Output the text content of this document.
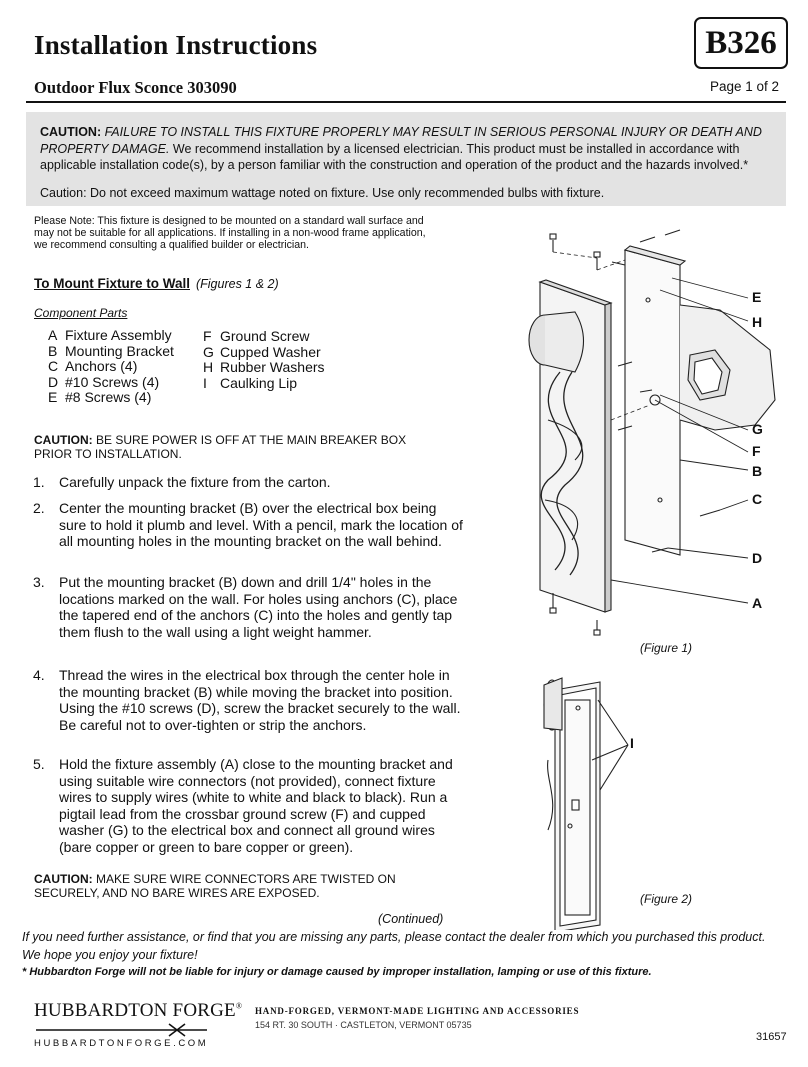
Installation Instructions	B326
Outdoor Flux Sconce 303090	Page 1 of 2
CAUTION: FAILURE TO INSTALL THIS FIXTURE PROPERLY MAY RESULT IN SERIOUS PERSONAL INJURY OR DEATH AND PROPERTY DAMAGE. We recommend installation by a licensed electrician. This product must be installed in accordance with applicable installation code(s), by a person familiar with the construction and operation of the product and the hazards involved.*
Caution: Do not exceed maximum wattage noted on fixture. Use only recommended bulbs with fixture.
Please Note: This fixture is designed to be mounted on a standard wall surface and may not be suitable for all applications. If installing in a non-wood frame application, we recommend consulting a qualified builder or electrician.
To Mount Fixture to Wall (Figures 1 & 2)
Component Parts
A Fixture Assembly
B Mounting Bracket
C Anchors (4)
D #10 Screws (4)
E #8 Screws (4)
F Ground Screw
G Cupped Washer
H Rubber Washers
I Caulking Lip
CAUTION: BE SURE POWER IS OFF AT THE MAIN BREAKER BOX PRIOR TO INSTALLATION.
1. Carefully unpack the fixture from the carton.
2. Center the mounting bracket (B) over the electrical box being sure to hold it plumb and level. With a pencil, mark the location of all mounting holes in the mounting bracket on the wall behind.
3. Put the mounting bracket (B) down and drill 1/4" holes in the locations marked on the wall. For holes using anchors (C), place the tapered end of the anchors (C) into the holes and gently tap them flush to the wall using a light weight hammer.
4. Thread the wires in the electrical box through the center hole in the mounting bracket (B) while moving the bracket into position. Using the #10 screws (D), screw the bracket securely to the wall. Be careful not to over-tighten or strip the anchors.
5. Hold the fixture assembly (A) close to the mounting bracket and using suitable wire connectors (not provided), connect fixture wires to supply wires (white to white and black to black). Run a pigtail lead from the crossbar ground screw (F) and cupped washer (G) to the electrical box and connect all ground wires (bare copper or green to bare copper or green).
CAUTION: MAKE SURE WIRE CONNECTORS ARE TWISTED ON SECURELY, AND NO BARE WIRES ARE EXPOSED.
E
H
G
F
B
C
D
A
I
(Figure 1)
(Figure 2)
(Continued)
If you need further assistance, or find that you are missing any parts, please contact the dealer from which you purchased this product.
We hope you enjoy your fixture!
* Hubbardton Forge will not be liable for injury or damage caused by improper installation, lamping or use of this fixture.
HUBBARDTON FORGE®
HUBBARDTONFORGE.COM
HAND-FORGED, VERMONT-MADE LIGHTING AND ACCESSORIES
154 RT. 30 SOUTH · CASTLETON, VERMONT 05735
31657
